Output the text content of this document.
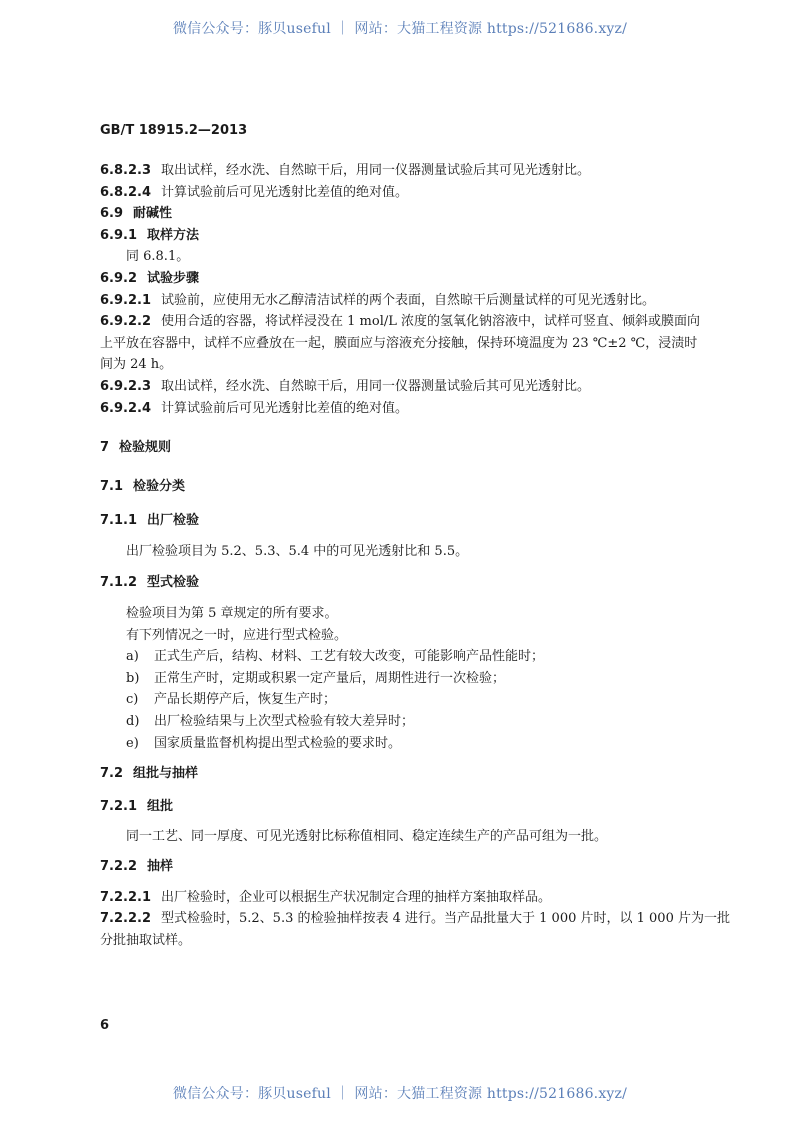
微信公众号：豚贝useful ｜ 网站：大猫工程资源 https://521686.xyz/
GB/T 18915.2—2013
6.8.2.3 取出试样，经水洗、自然晾干后，用同一仪器测量试验后其可见光透射比。
6.8.2.4 计算试验前后可见光透射比差值的绝对值。
6.9 耐碱性
6.9.1 取样方法
同 6.8.1。
6.9.2 试验步骤
6.9.2.1 试验前，应使用无水乙醇清洁试样的两个表面，自然晾干后测量试样的可见光透射比。
6.9.2.2 使用合适的容器，将试样浸没在 1 mol/L 浓度的氢氧化钠溶液中，试样可竖直、倾斜或膜面向
上平放在容器中，试样不应叠放在一起，膜面应与溶液充分接触，保持环境温度为 23 ℃±2 ℃，浸渍时
间为 24 h。
6.9.2.3 取出试样，经水洗、自然晾干后，用同一仪器测量试验后其可见光透射比。
6.9.2.4 计算试验前后可见光透射比差值的绝对值。
7 检验规则
7.1 检验分类
7.1.1 出厂检验
出厂检验项目为 5.2、5.3、5.4 中的可见光透射比和 5.5。
7.1.2 型式检验
检验项目为第 5 章规定的所有要求。
有下列情况之一时，应进行型式检验。
a) 正式生产后，结构、材料、工艺有较大改变，可能影响产品性能时；
b) 正常生产时，定期或积累一定产量后，周期性进行一次检验；
c) 产品长期停产后，恢复生产时；
d) 出厂检验结果与上次型式检验有较大差异时；
e) 国家质量监督机构提出型式检验的要求时。
7.2 组批与抽样
7.2.1 组批
同一工艺、同一厚度、可见光透射比标称值相同、稳定连续生产的产品可组为一批。
7.2.2 抽样
7.2.2.1 出厂检验时，企业可以根据生产状况制定合理的抽样方案抽取样品。
7.2.2.2 型式检验时，5.2、5.3 的检验抽样按表 4 进行。当产品批量大于 1 000 片时，以 1 000 片为一批
分批抽取试样。
6
微信公众号：豚贝useful ｜ 网站：大猫工程资源 https://521686.xyz/
